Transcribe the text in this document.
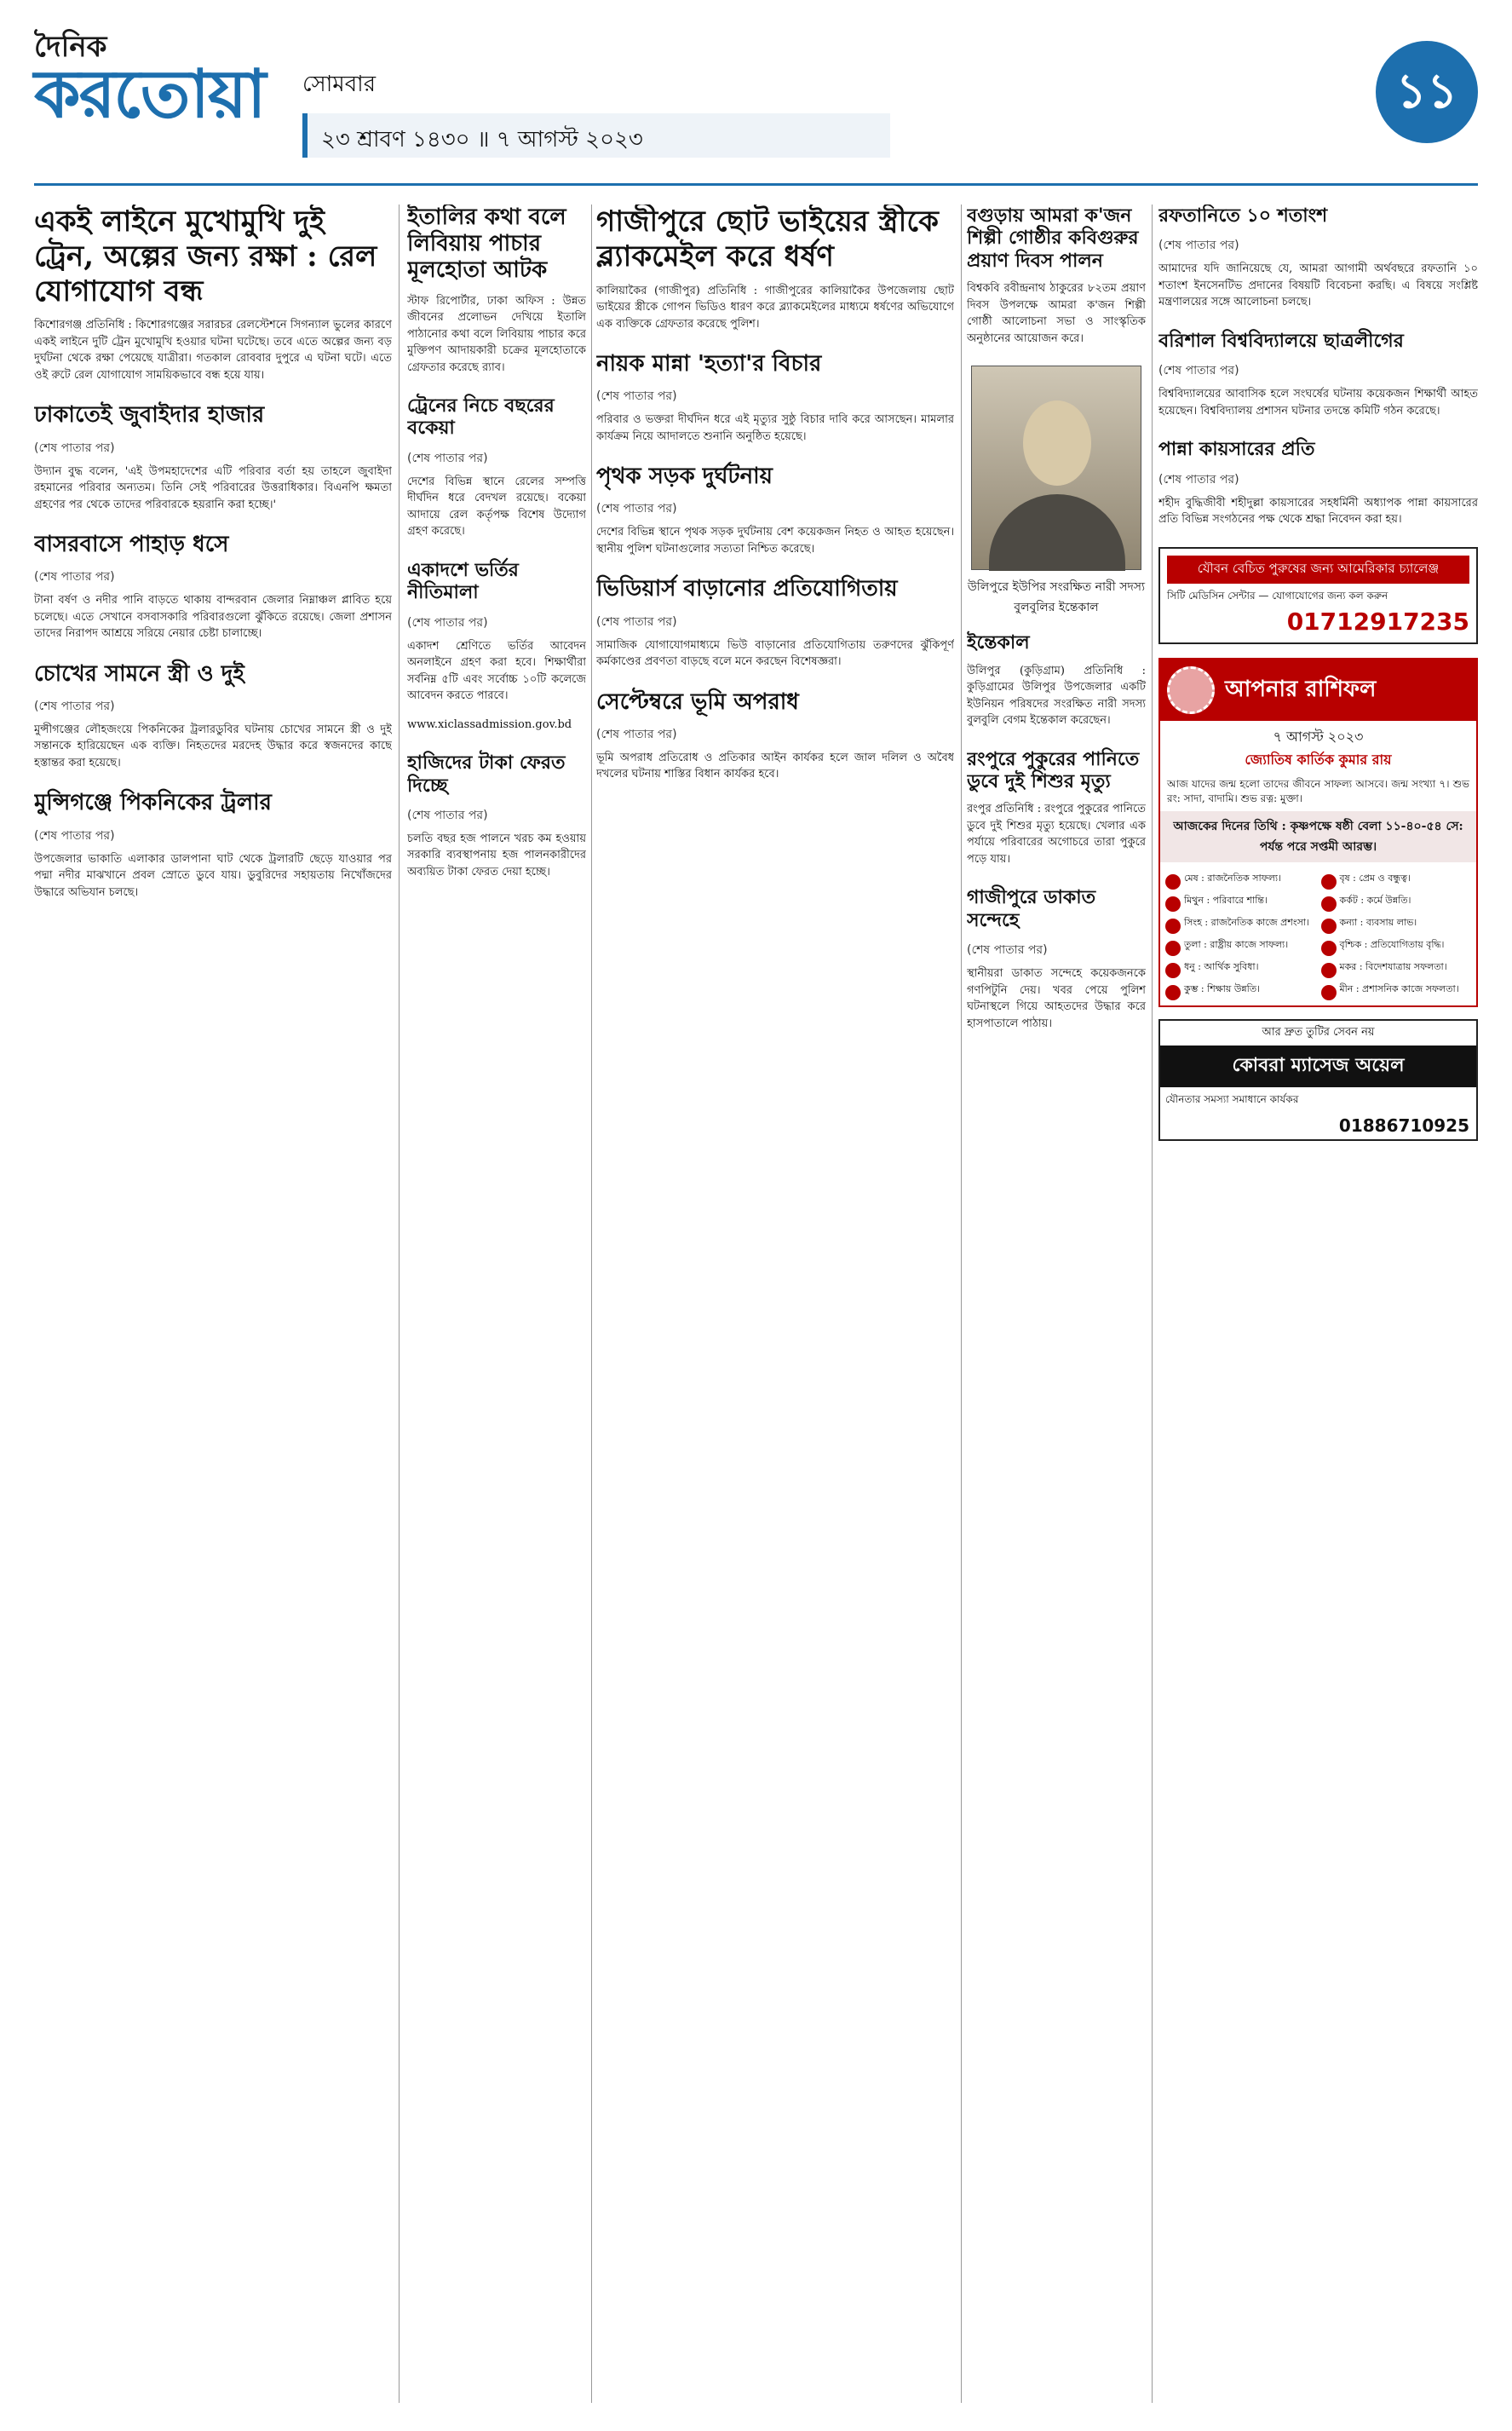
দৈনিক
করতোয়া	সোমবার
২৩ শ্রাবণ ১৪৩০ ॥ ৭ আগস্ট ২০২৩
১১
একই লাইনে মুখোমুখি দুই ট্রেন, অল্পের জন্য রক্ষা : রেল যোগাযোগ বন্ধ
কিশোরগঞ্জ প্রতিনিধি : কিশোরগঞ্জের সরারচর রেলস্টেশনে সিগন্যাল ভুলের কারণে একই লাইনে দুটি ট্রেন মুখোমুখি হওয়ার ঘটনা ঘটেছে। তবে এতে অল্পের জন্য বড় দুর্ঘটনা থেকে রক্ষা পেয়েছে যাত্রীরা। গতকাল রোববার দুপুরে এ ঘটনা ঘটে। এতে ওই রুটে রেল যোগাযোগ সাময়িকভাবে বন্ধ হয়ে যায়।
ঢাকাতেই জুবাইদার হাজার
(শেষ পাতার পর)
উদ্যান বুদ্ধ বলেন, 'এই উপমহাদেশের এটি পরিবার বর্তা হয় তাহলে জুবাইদা রহমানের পরিবার অন্যতম। তিনি সেই পরিবারের উত্তরাধিকার। বিএনপি ক্ষমতা গ্রহণের পর থেকে তাদের পরিবারকে হয়রানি করা হচ্ছে।'
বাসরবাসে পাহাড় ধসে
(শেষ পাতার পর)
টানা বর্ষণ ও নদীর পানি বাড়তে থাকায় বান্দরবান জেলার নিম্নাঞ্চল প্লাবিত হয়ে চলেছে। এতে সেখানে বসবাসকারি পরিবারগুলো ঝুঁকিতে রয়েছে। জেলা প্রশাসন তাদের নিরাপদ আশ্রয়ে সরিয়ে নেয়ার চেষ্টা চালাচ্ছে।
চোখের সামনে স্ত্রী ও দুই
(শেষ পাতার পর)
মুন্সীগঞ্জের লৌহজংয়ে পিকনিকের ট্রলারডুবির ঘটনায় চোখের সামনে স্ত্রী ও দুই সন্তানকে হারিয়েছেন এক ব্যক্তি। নিহতদের মরদেহ উদ্ধার করে স্বজনদের কাছে হস্তান্তর করা হয়েছে।
মুন্সিগঞ্জে পিকনিকের ট্রলার
(শেষ পাতার পর)
উপজেলার ভাকাতি এলাকার ডালপানা ঘাট থেকে ট্রলারটি ছেড়ে যাওয়ার পর পদ্মা নদীর মাঝখানে প্রবল স্রোতে ডুবে যায়। ডুবুরিদের সহায়তায় নিখোঁজদের উদ্ধারে অভিযান চলছে।
ইতালির কথা বলে লিবিয়ায় পাচার মূলহোতা আটক
স্টাফ রিপোর্টার, ঢাকা অফিস : উন্নত জীবনের প্রলোভন দেখিয়ে ইতালি পাঠানোর কথা বলে লিবিয়ায় পাচার করে মুক্তিপণ আদায়কারী চক্রের মূলহোতাকে গ্রেফতার করেছে র‌্যাব।
ট্রেনের নিচে বছরের বকেয়া
(শেষ পাতার পর)
দেশের বিভিন্ন স্থানে রেলের সম্পত্তি দীর্ঘদিন ধরে বেদখল রয়েছে। বকেয়া আদায়ে রেল কর্তৃপক্ষ বিশেষ উদ্যোগ গ্রহণ করেছে।
একাদশে ভর্তির নীতিমালা
(শেষ পাতার পর)
একাদশ শ্রেণিতে ভর্তির আবেদন অনলাইনে গ্রহণ করা হবে। শিক্ষার্থীরা সর্বনিম্ন ৫টি এবং সর্বোচ্চ ১০টি কলেজে আবেদন করতে পারবে।
www.xiclassadmission.gov.bd
হাজিদের টাকা ফেরত দিচ্ছে
(শেষ পাতার পর)
চলতি বছর হজ পালনে খরচ কম হওয়ায় সরকারি ব্যবস্থাপনায় হজ পালনকারীদের অব্যয়িত টাকা ফেরত দেয়া হচ্ছে।
গাজীপুরে ছোট ভাইয়ের স্ত্রীকে ব্ল্যাকমেইল করে ধর্ষণ
কালিয়াকৈর (গাজীপুর) প্রতিনিধি : গাজীপুরের কালিয়াকৈর উপজেলায় ছোট ভাইয়ের স্ত্রীকে গোপন ভিডিও ধারণ করে ব্ল্যাকমেইলের মাধ্যমে ধর্ষণের অভিযোগে এক ব্যক্তিকে গ্রেফতার করেছে পুলিশ।
নায়ক মান্না 'হত্যা'র বিচার
(শেষ পাতার পর)
পরিবার ও ভক্তরা দীর্ঘদিন ধরে এই মৃত্যুর সুষ্ঠু বিচার দাবি করে আসছেন। মামলার কার্যক্রম নিয়ে আদালতে শুনানি অনুষ্ঠিত হয়েছে।
পৃথক সড়ক দুর্ঘটনায়
(শেষ পাতার পর)
দেশের বিভিন্ন স্থানে পৃথক সড়ক দুর্ঘটনায় বেশ কয়েকজন নিহত ও আহত হয়েছেন। স্থানীয় পুলিশ ঘটনাগুলোর সত্যতা নিশ্চিত করেছে।
ভিডিয়ার্স বাড়ানোর প্রতিযোগিতায়
(শেষ পাতার পর)
সামাজিক যোগাযোগমাধ্যমে ভিউ বাড়ানোর প্রতিযোগিতায় তরুণদের ঝুঁকিপূর্ণ কর্মকাণ্ডের প্রবণতা বাড়ছে বলে মনে করছেন বিশেষজ্ঞরা।
সেপ্টেম্বরে ভূমি অপরাধ
(শেষ পাতার পর)
ভূমি অপরাধ প্রতিরোধ ও প্রতিকার আইন কার্যকর হলে জাল দলিল ও অবৈধ দখলের ঘটনায় শাস্তির বিধান কার্যকর হবে।
বগুড়ায় আমরা ক'জন শিল্পী গোষ্ঠীর কবিগুরুর প্রয়াণ দিবস পালন
বিশ্বকবি রবীন্দ্রনাথ ঠাকুরের ৮২তম প্রয়াণ দিবস উপলক্ষে আমরা ক'জন শিল্পী গোষ্ঠী আলোচনা সভা ও সাংস্কৃতিক অনুষ্ঠানের আয়োজন করে।
উলিপুরে ইউপির সংরক্ষিত নারী সদস্য বুলবুলির ইন্তেকাল
ইন্তেকাল
উলিপুর (কুড়িগ্রাম) প্রতিনিধি : কুড়িগ্রামের উলিপুর উপজেলার একটি ইউনিয়ন পরিষদের সংরক্ষিত নারী সদস্য বুলবুলি বেগম ইন্তেকাল করেছেন।
রংপুরে পুকুরের পানিতে ডুবে দুই শিশুর মৃত্যু
রংপুর প্রতিনিধি : রংপুরে পুকুরের পানিতে ডুবে দুই শিশুর মৃত্যু হয়েছে। খেলার এক পর্যায়ে পরিবারের অগোচরে তারা পুকুরে পড়ে যায়।
গাজীপুরে ডাকাত সন্দেহে
(শেষ পাতার পর)
স্থানীয়রা ডাকাত সন্দেহে কয়েকজনকে গণপিটুনি দেয়। খবর পেয়ে পুলিশ ঘটনাস্থলে গিয়ে আহতদের উদ্ধার করে হাসপাতালে পাঠায়।
রফতানিতে ১০ শতাংশ
(শেষ পাতার পর)
আমাদের যদি জানিয়েছে যে, আমরা আগামী অর্থবছরে রফতানি ১০ শতাংশ ইনসেনটিভ প্রদানের বিষয়টি বিবেচনা করছি। এ বিষয়ে সংশ্লিষ্ট মন্ত্রণালয়ের সঙ্গে আলোচনা চলছে।
বরিশাল বিশ্ববিদ্যালয়ে ছাত্রলীগের
(শেষ পাতার পর)
বিশ্ববিদ্যালয়ের আবাসিক হলে সংঘর্ষের ঘটনায় কয়েকজন শিক্ষার্থী আহত হয়েছেন। বিশ্ববিদ্যালয় প্রশাসন ঘটনার তদন্তে কমিটি গঠন করেছে।
পান্না কায়সারের প্রতি
(শেষ পাতার পর)
শহীদ বুদ্ধিজীবী শহীদুল্লা কায়সারের সহধর্মিনী অধ্যাপক পান্না কায়সারের প্রতি বিভিন্ন সংগঠনের পক্ষ থেকে শ্রদ্ধা নিবেদন করা হয়।
যৌবন বেচিত পুরুষের জন্য আমেরিকার চ্যালেঞ্জ
সিটি মেডিসিন সেন্টার — যোগাযোগের জন্য কল করুন
01712917235
আপনার রাশিফল
৭ আগস্ট ২০২৩
জ্যোতিষ কার্তিক কুমার রায়
আজ যাদের জন্ম হলো তাদের জীবনে সাফল্য আসবে। জন্ম সংখ্যা ৭। শুভ রং: সাদা, বাদামি। শুভ রত্ন: মুক্তা।
আজকের দিনের তিথি : কৃষ্ণপক্ষে ষষ্ঠী বেলা ১১-৪০-৫৪ সে: পর্যন্ত পরে সপ্তমী আরম্ভ।
মেষ : রাজনৈতিক সাফল্য।	বৃষ : প্রেম ও বন্ধুত্ব।
মিথুন : পরিবারে শান্তি।	কর্কট : কর্মে উন্নতি।
সিংহ : রাজনৈতিক কাজে প্রশংসা।	কন্যা : ব্যবসায় লাভ।
তুলা : রাষ্ট্রীয় কাজে সাফল্য।	বৃশ্চিক : প্রতিযোগিতায় বৃদ্ধি।
ধনু : আর্থিক সুবিধা।	মকর : বিদেশযাত্রায় সফলতা।
কুম্ভ : শিক্ষায় উন্নতি।	মীন : প্রশাসনিক কাজে সফলতা।
আর দ্রুত তুটির সেবন নয়
কোবরা ম্যাসেজ অয়েল
যৌনতার সমস্যা সমাধানে কার্যকর
01886710925
